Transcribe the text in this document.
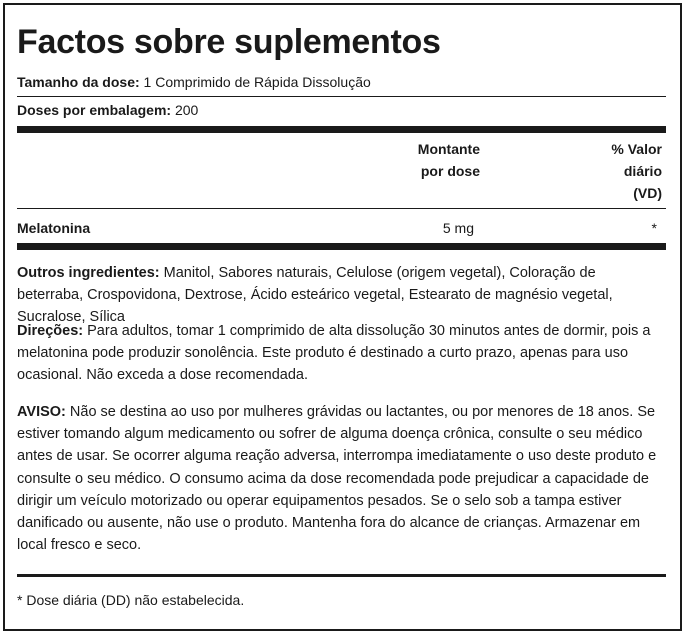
Factos sobre suplementos
Tamanho da dose: 1 Comprimido de Rápida Dissolução
Doses por embalagem: 200
Montante
por dose
% Valor
diário
(VD)
Melatonina	5 mg	*
Outros ingredientes: Manitol, Sabores naturais, Celulose (origem vegetal), Coloração de beterraba, Crospovidona, Dextrose, Ácido esteárico vegetal, Estearato de magnésio vegetal, Sucralose, Sílica
Direções: Para adultos, tomar 1 comprimido de alta dissolução 30 minutos antes de dormir, pois a melatonina pode produzir sonolência. Este produto é destinado a curto prazo, apenas para uso ocasional. Não exceda a dose recomendada.
AVISO: Não se destina ao uso por mulheres grávidas ou lactantes, ou por menores de 18 anos. Se estiver tomando algum medicamento ou sofrer de alguma doença crônica, consulte o seu médico antes de usar. Se ocorrer alguma reação adversa, interrompa imediatamente o uso deste produto e consulte o seu médico. O consumo acima da dose recomendada pode prejudicar a capacidade de dirigir um veículo motorizado ou operar equipamentos pesados. Se o selo sob a tampa estiver danificado ou ausente, não use o produto. Mantenha fora do alcance de crianças. Armazenar em local fresco e seco.
* Dose diária (DD) não estabelecida.
